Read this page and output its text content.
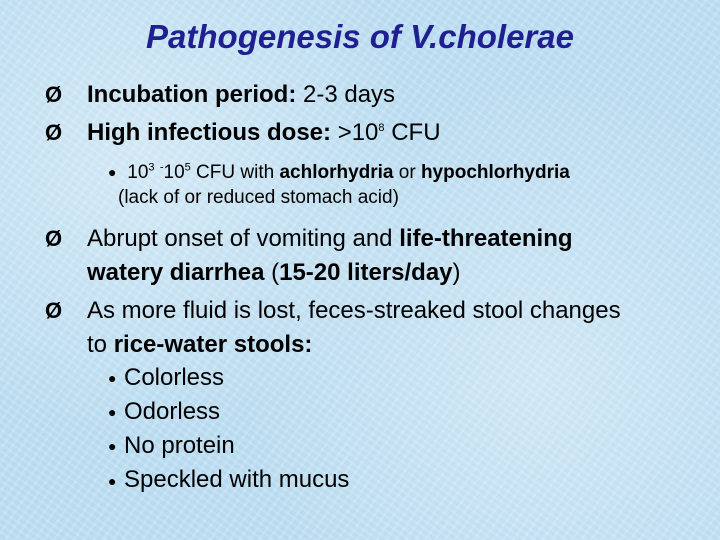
Pathogenesis of V.cholerae
Ø	Incubation period: 2-3 days
Ø	High infectious dose: $>10^8$ CFU
● $10^3$ $^-10^5$ CFU with achlorhydria or hypochlorhydria
(lack of or reduced stomach acid)
Ø	Abrupt onset of vomiting and life-threatening
watery diarrhea (15-20 liters/day)
Ø	As more fluid is lost, feces-streaked stool changes
to rice-water stools:
● Colorless
● Odorless
● No protein
● Speckled with mucus
